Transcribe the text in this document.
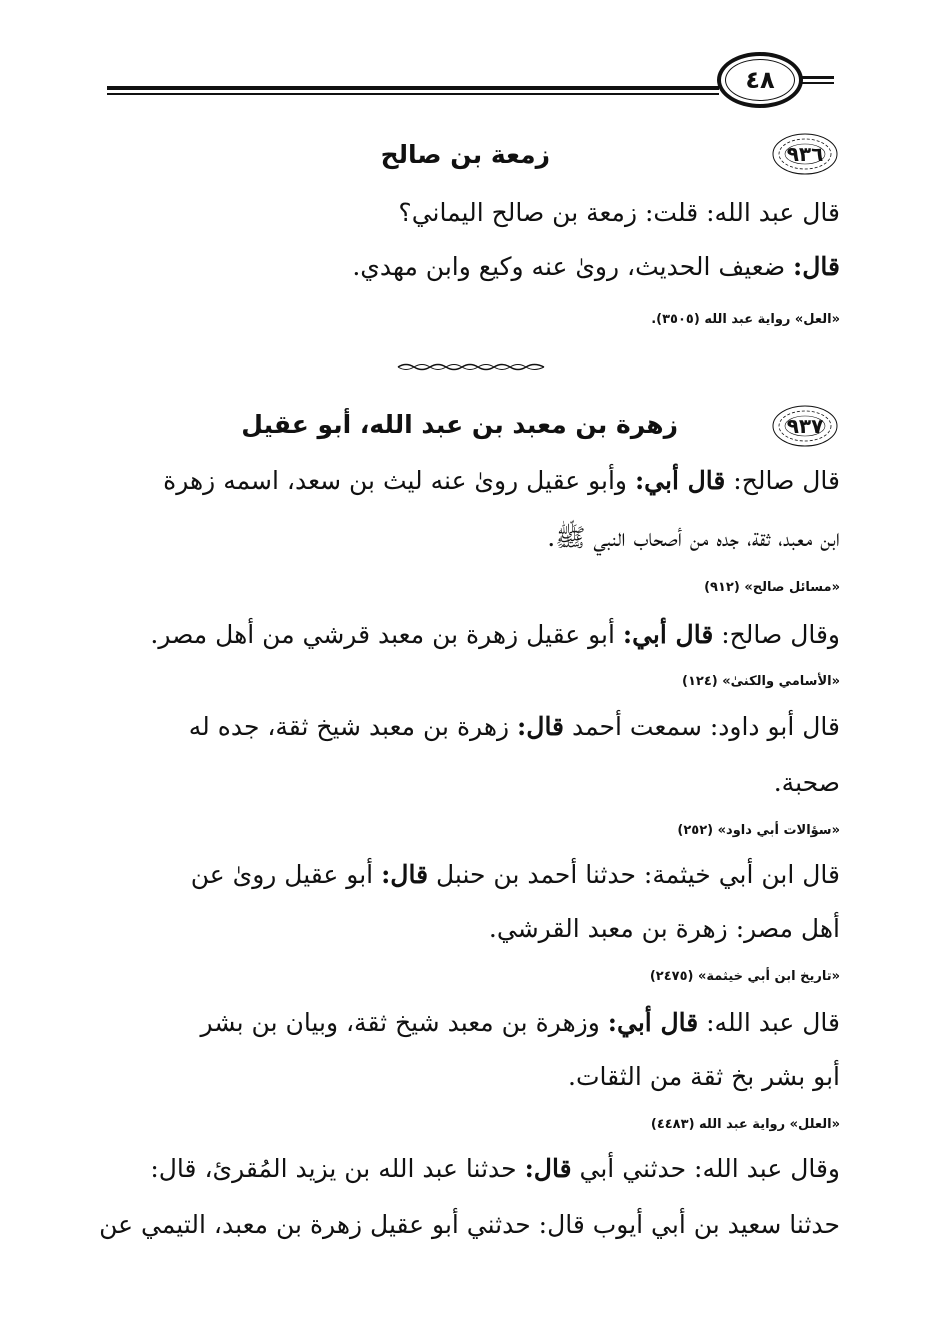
٤٨
٩٣٦
زمعة بن صالح
قال عبد الله: قلت: زمعة بن صالح اليماني؟
قال: ضعيف الحديث، روىٰ عنه وكيع وابن مهدي.
«العل» رواية عبد الله (٣٥٠٥).
٩٣٧
زهرة بن معبد بن عبد الله، أبو عقيل
قال صالح: قال أبي: وأبو عقيل روىٰ عنه ليث بن سعد، اسمه زهرة
ابن معبد، ثقة، جده من أصحاب النبي ﷺ.
«مسائل صالح» (٩١٢)
وقال صالح: قال أبي: أبو عقيل زهرة بن معبد قرشي من أهل مصر.
«الأسامي والكنىٰ» (١٢٤)
قال أبو داود: سمعت أحمد قال: زهرة بن معبد شيخ ثقة، جده له
صحبة.
«سؤالات أبي داود» (٢٥٢)
قال ابن أبي خيثمة: حدثنا أحمد بن حنبل قال: أبو عقيل روىٰ عن
أهل مصر: زهرة بن معبد القرشي.
«تاريخ ابن أبي خيثمة» (٢٤٧٥)
قال عبد الله: قال أبي: وزهرة بن معبد شيخ ثقة، وبيان بن بشر
أبو بشر بخ ثقة من الثقات.
«العلل» رواية عبد الله (٤٤٨٣)
وقال عبد الله: حدثني أبي قال: حدثنا عبد الله بن يزيد المُقرئ، قال:
حدثنا سعيد بن أبي أيوب قال: حدثني أبو عقيل زهرة بن معبد، التيمي عن
